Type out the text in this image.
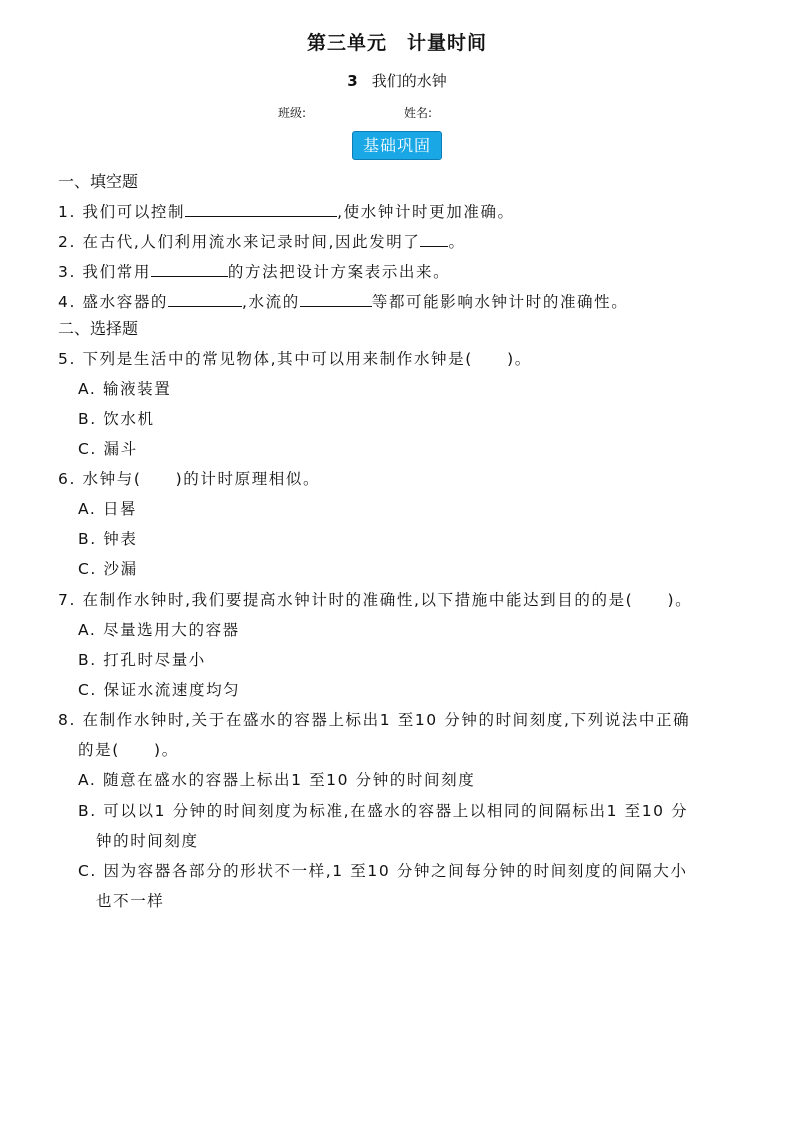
第三单元　计量时间
3 我们的水钟
班级:	姓名:
基础巩固
一、填空题
1. 我们可以控制	,使水钟计时更加准确。
2. 在古代,人们利用流水来记录时间,因此发明了 。
3. 我们常用	的方法把设计方案表示出来。
4. 盛水容器的	,水流的	等都可能影响水钟计时的准确性。
二、选择题
5. 下列是生活中的常见物体,其中可以用来制作水钟是(　　)。
A. 输液装置
B. 饮水机
C. 漏斗
6. 水钟与(　　)的计时原理相似。
A. 日晷
B. 钟表
C. 沙漏
7. 在制作水钟时,我们要提高水钟计时的准确性,以下措施中能达到目的的是(　　)。
A. 尽量选用大的容器
B. 打孔时尽量小
C. 保证水流速度均匀
8. 在制作水钟时,关于在盛水的容器上标出1 至10 分钟的时间刻度,下列说法中正确
的是(　　)。
A. 随意在盛水的容器上标出1 至10 分钟的时间刻度
B. 可以以1 分钟的时间刻度为标准,在盛水的容器上以相同的间隔标出1 至10 分
钟的时间刻度
C. 因为容器各部分的形状不一样,1 至10 分钟之间每分钟的时间刻度的间隔大小
也不一样
